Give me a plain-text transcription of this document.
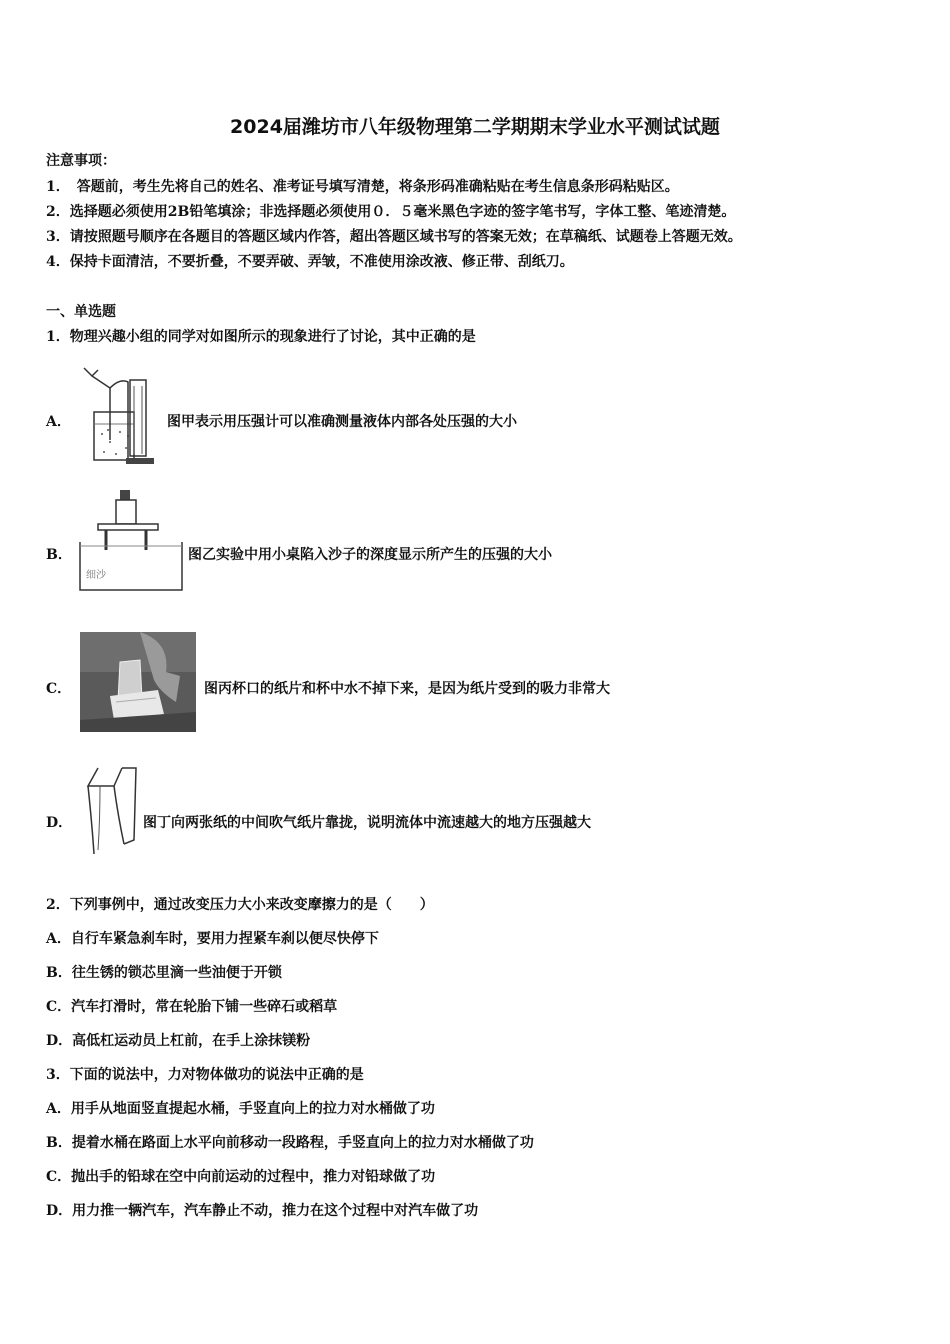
2024届潍坊市八年级物理第二学期期末学业水平测试试题
注意事项：
1．　答题前，考生先将自己的姓名、准考证号填写清楚，将条形码准确粘贴在考生信息条形码粘贴区。
2．选择题必须使用2B铅笔填涂；非选择题必须使用０．５毫米黑色字迹的签字笔书写，字体工整、笔迹清楚。
3．请按照题号顺序在各题目的答题区域内作答，超出答题区域书写的答案无效；在草稿纸、试题卷上答题无效。
4．保持卡面清洁，不要折叠，不要弄破、弄皱，不准使用涂改液、修正带、刮纸刀。
一、单选题
1．物理兴趣小组的同学对如图所示的现象进行了讨论，其中正确的是
A．	图甲表示用压强计可以准确测量液体内部各处压强的大小
B．
细沙
图乙实验中用小桌陷入沙子的深度显示所产生的压强的大小
C．	图丙杯口的纸片和杯中水不掉下来，是因为纸片受到的吸力非常大
D．	图丁向两张纸的中间吹气纸片靠拢，说明流体中流速越大的地方压强越大
2．下列事例中，通过改变压力大小来改变摩擦力的是（　　）
A．自行车紧急刹车时，要用力捏紧车刹以便尽快停下
B．往生锈的锁芯里滴一些油便于开锁
C．汽车打滑时，常在轮胎下铺一些碎石或稻草
D．高低杠运动员上杠前，在手上涂抹镁粉
3．下面的说法中，力对物体做功的说法中正确的是
A．用手从地面竖直提起水桶，手竖直向上的拉力对水桶做了功
B．提着水桶在路面上水平向前移动一段路程，手竖直向上的拉力对水桶做了功
C．抛出手的铅球在空中向前运动的过程中，推力对铅球做了功
D．用力推一辆汽车，汽车静止不动，推力在这个过程中对汽车做了功
